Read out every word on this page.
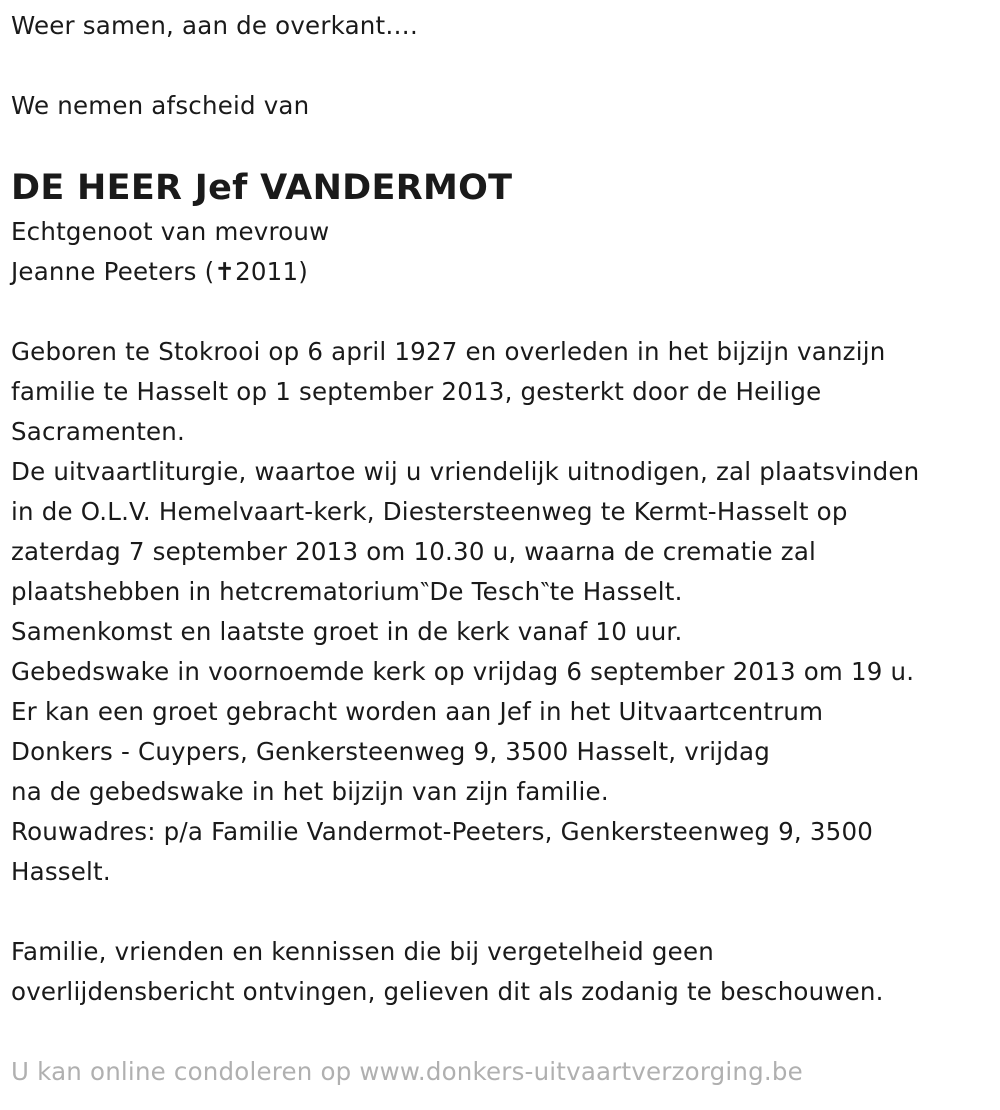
Weer samen, aan de overkant….
We nemen afscheid van
DE HEER Jef VANDERMOT
Echtgenoot van mevrouw
Jeanne Peeters (✝2011)
Geboren te Stokrooi op 6 april 1927 en overleden in het bijzijn vanzijn
familie te Hasselt op 1 september 2013, gesterkt door de Heilige
Sacramenten.
De uitvaartliturgie, waartoe wij u vriendelijk uitnodigen, zal plaatsvinden
in de O.L.V. Hemelvaart-kerk, Diestersteenweg te Kermt-Hasselt op
zaterdag 7 september 2013 om 10.30 u, waarna de crematie zal
plaatshebben in hetcrematorium‶De Tesch‶te Hasselt.
Samenkomst en laatste groet in de kerk vanaf 10 uur.
Gebedswake in voornoemde kerk op vrijdag 6 september 2013 om 19 u.
Er kan een groet gebracht worden aan Jef in het Uitvaartcentrum
Donkers - Cuypers, Genkersteenweg 9, 3500 Hasselt, vrijdag
na de gebedswake in het bijzijn van zijn familie.
Rouwadres: p/a Familie Vandermot-Peeters, Genkersteenweg 9, 3500
Hasselt.
Familie, vrienden en kennissen die bij vergetelheid geen
overlijdensbericht ontvingen, gelieven dit als zodanig te beschouwen.
U kan online condoleren op www.donkers-uitvaartverzorging.be
